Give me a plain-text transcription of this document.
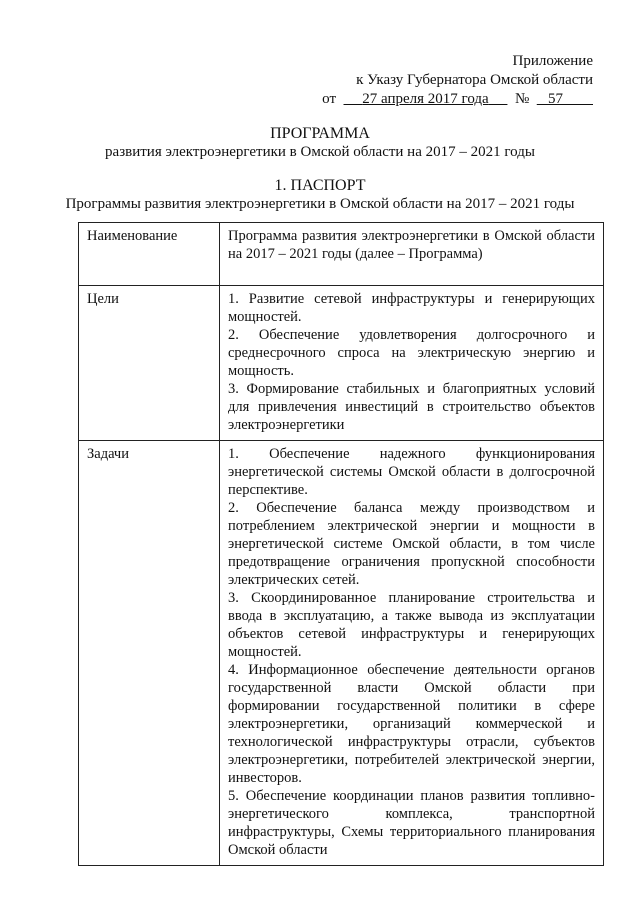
Приложение
к Указу Губернатора Омской области
от 27 апреля 2017 года № 57
ПРОГРАММА
развития электроэнергетики в Омской области на 2017 – 2021 годы
1. ПАСПОРТ
Программы развития электроэнергетики в Омской области на 2017 – 2021 годы
Наименование	Программа развития электроэнергетики в Омской области на 2017 – 2021 годы (далее – Программа)
Цели	1. Развитие сетевой инфраструктуры и генерирующих мощностей.

2. Обеспечение удовлетворения долгосрочного и среднесрочного спроса на электрическую энергию и мощность.

3. Формирование стабильных и благоприятных условий для привлечения инвестиций в строительство объектов электроэнергетики

Задачи	1. Обеспечение надежного функционирования энергетической системы Омской области в долгосрочной перспективе.

2. Обеспечение баланса между производством и потреблением электрической энергии и мощности в энергетической системе Омской области, в том числе предотвращение ограничения пропускной способности электрических сетей.

3. Скоординированное планирование строительства и ввода в эксплуатацию, а также вывода из эксплуатации объектов сетевой инфраструктуры и генерирующих мощностей.

4. Информационное обеспечение деятельности органов государственной власти Омской области при формировании государственной политики в сфере электроэнергетики, организаций коммерческой и технологической инфраструктуры отрасли, субъектов электроэнергетики, потребителей электрической энергии, инвесторов.

5. Обеспечение координации планов развития топливно-энергетического комплекса, транспортной инфраструктуры, Схемы территориального планирования Омской области
